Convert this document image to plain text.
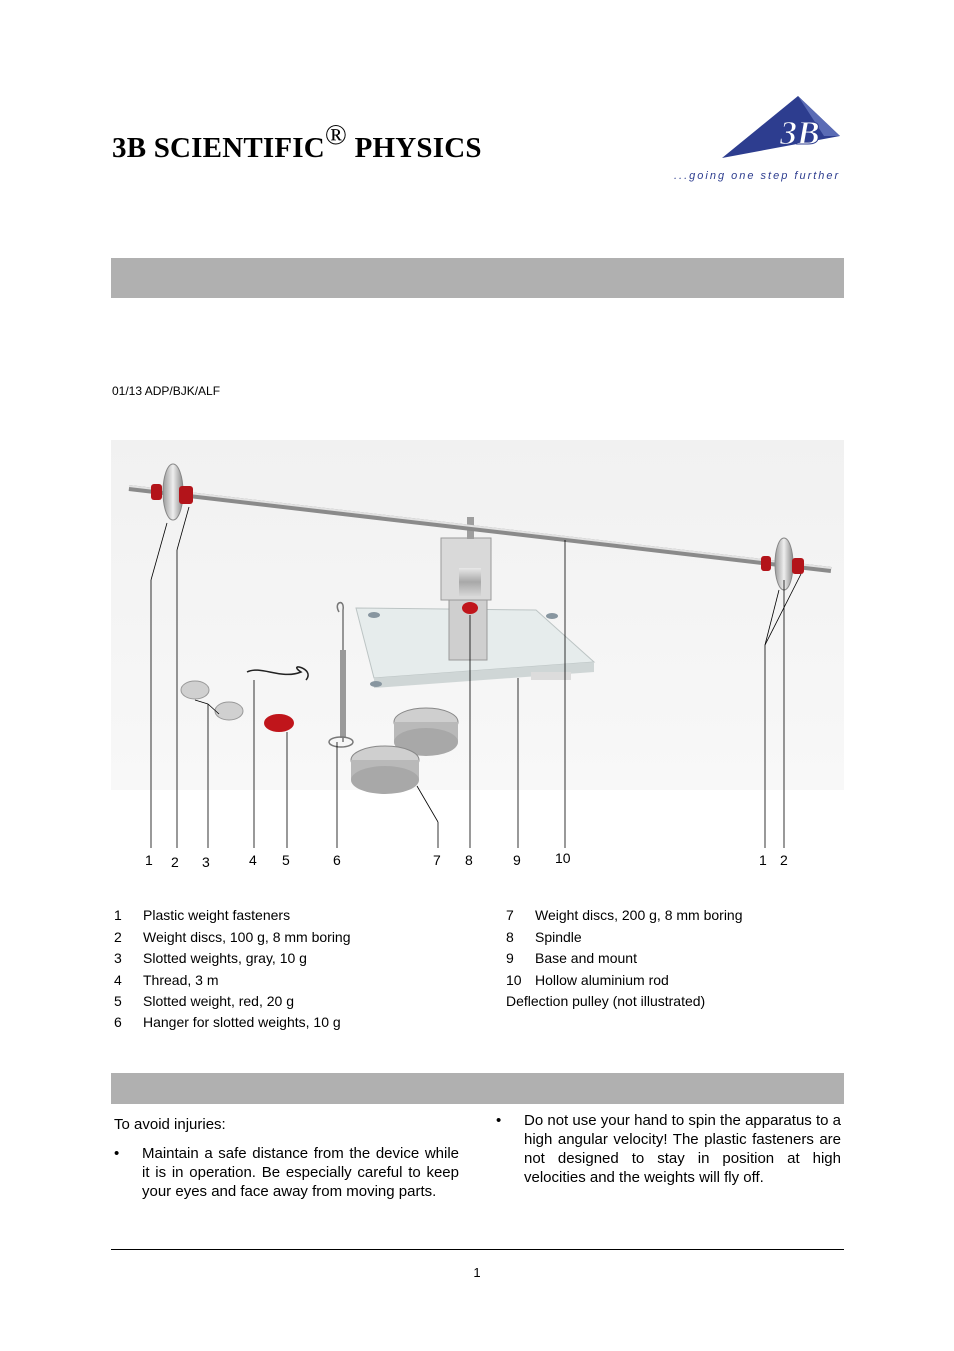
3B SCIENTIFIC® PHYSICS	3B
...going one step further
01/13 ADP/BJK/ALF
1 2 3	4 5	6	7 8	9 10	1 2
1 Plastic weight fasteners
2 Weight discs, 100 g, 8 mm boring
3 Slotted weights, gray, 10 g
4 Thread, 3 m
5 Slotted weight, red, 20 g
6 Hanger for slotted weights, 10 g
7 Weight discs, 200 g, 8 mm boring
8 Spindle
9 Base and mount
10 Hollow aluminium rod
Deflection pulley (not illustrated)
To avoid injuries:
• Maintain a safe distance from the device while it is in operation. Be especially careful to keep your eyes and face away from moving parts.
• Do not use your hand to spin the apparatus to a high angular velocity! The plastic fasteners are not designed to stay in position at high velocities and the weights will fly off.
1
